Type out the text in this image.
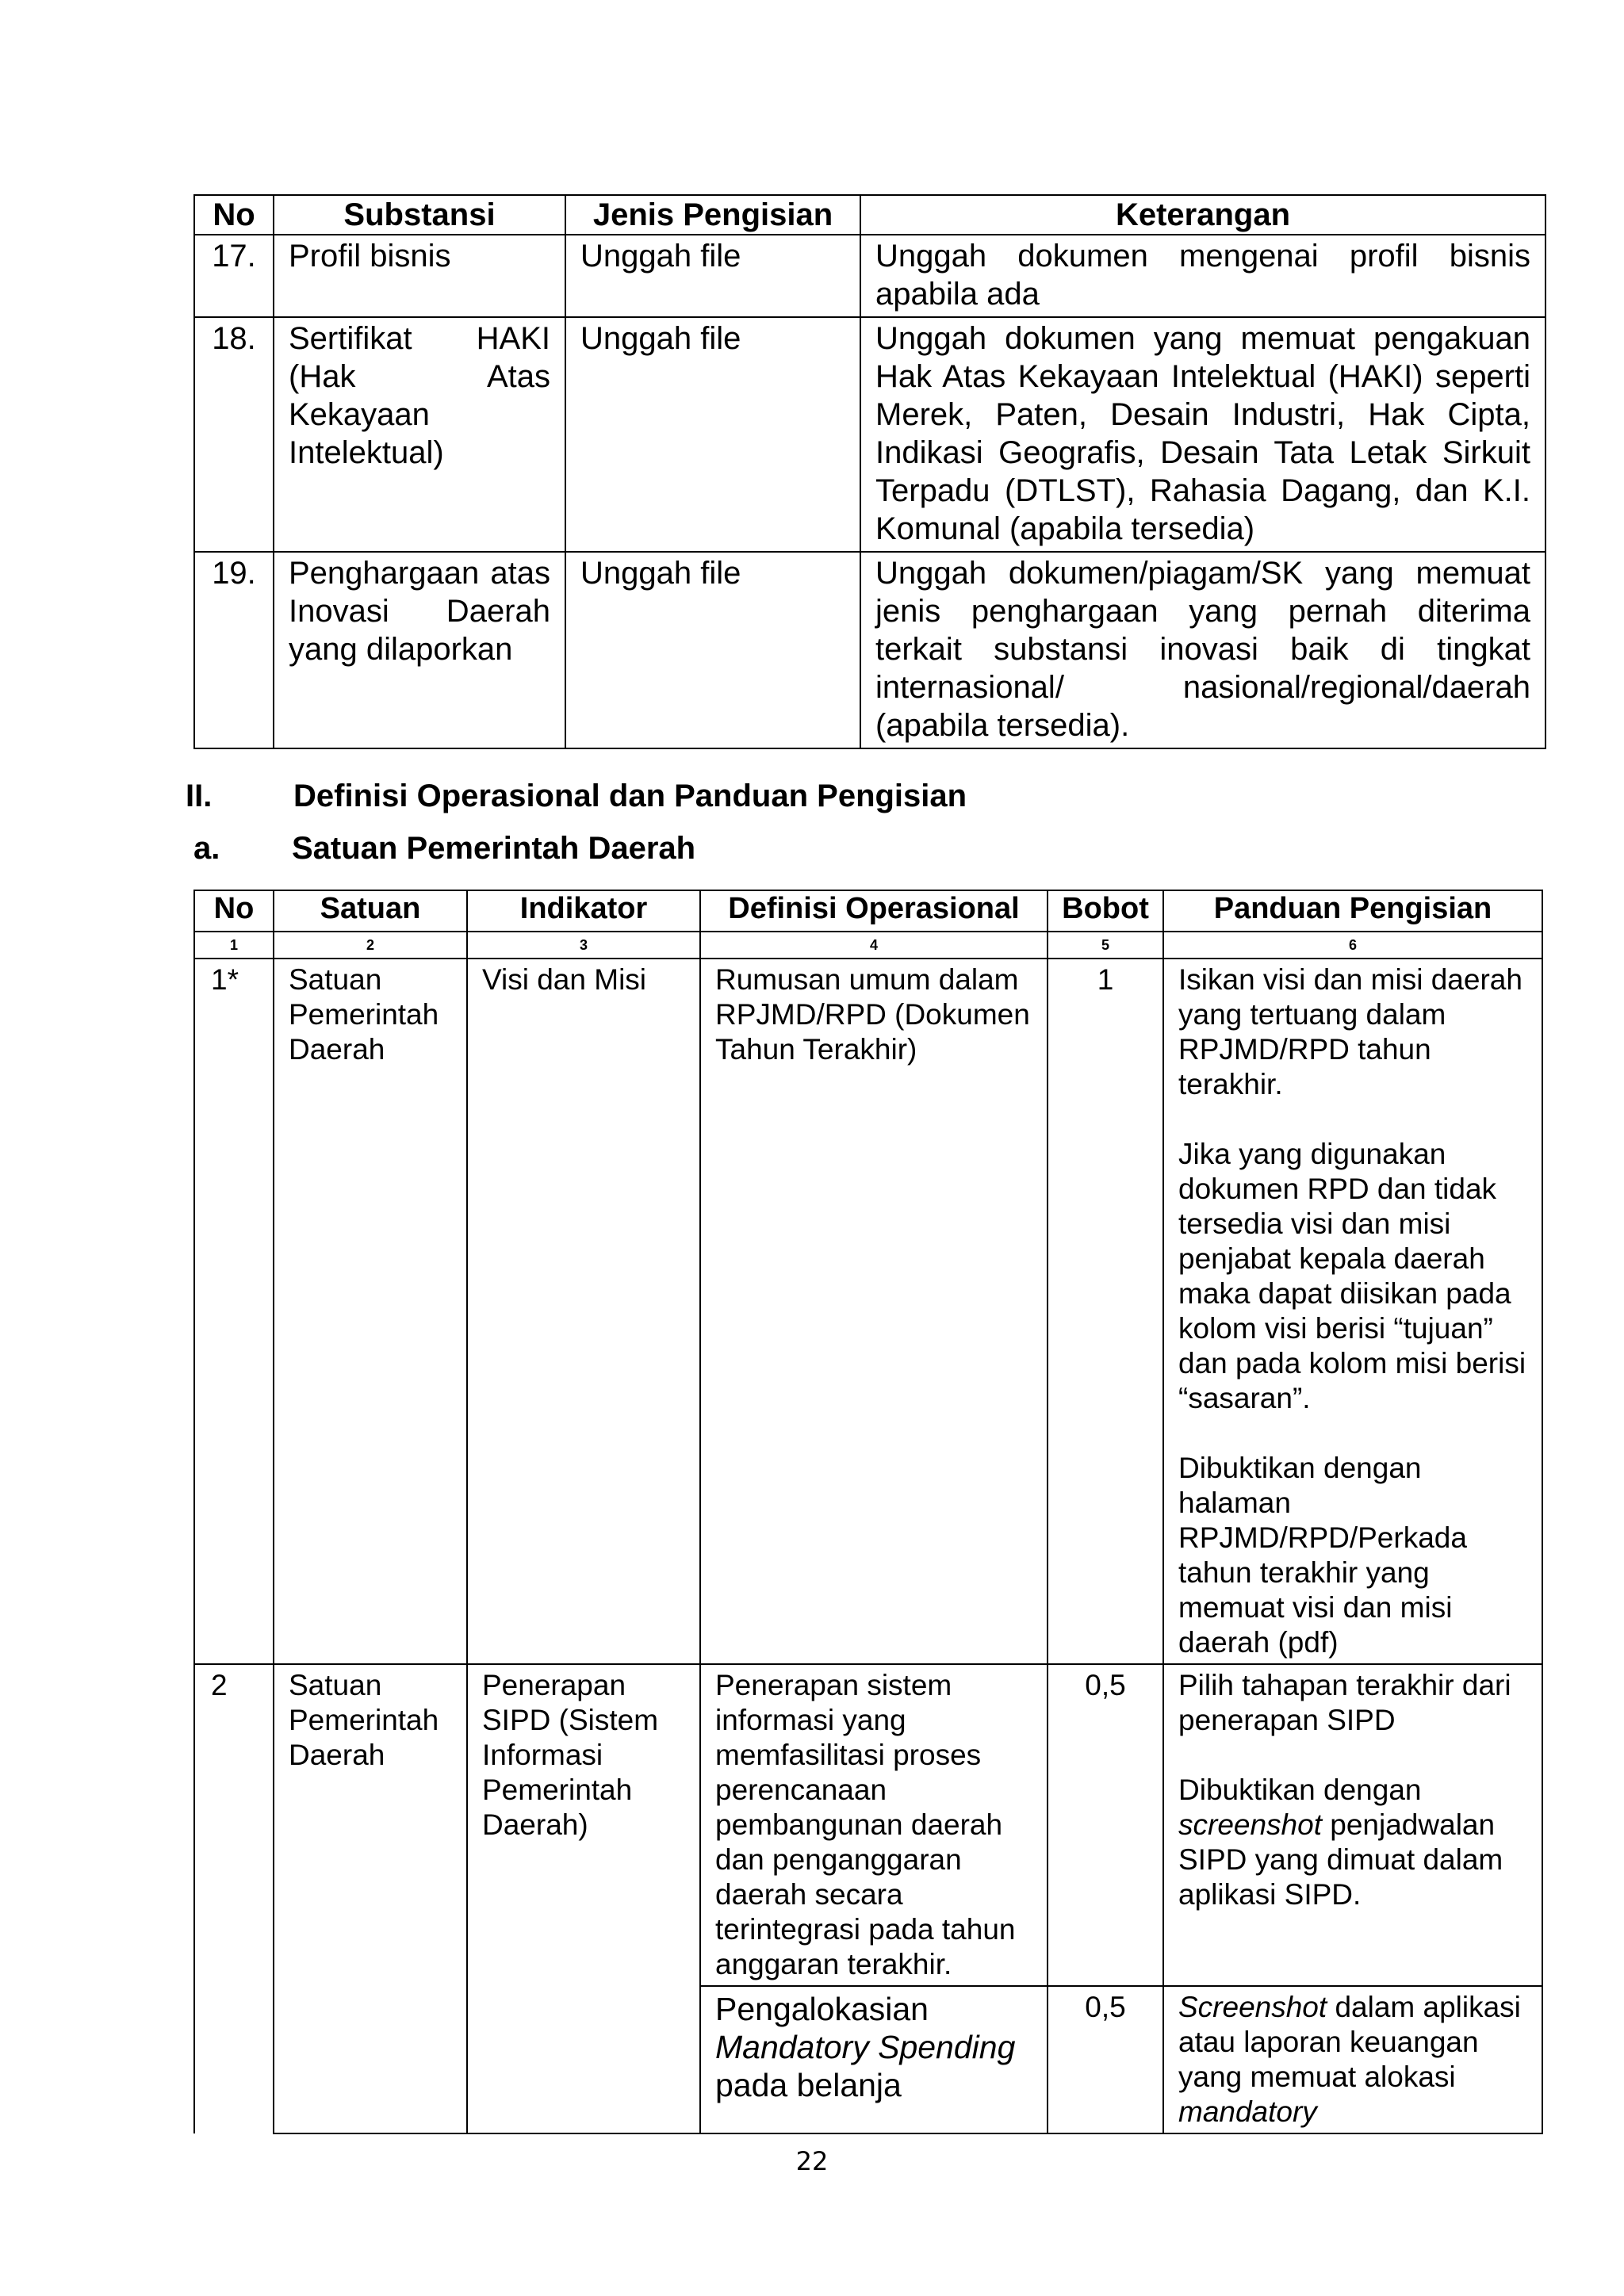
No	Substansi	Jenis Pengisian	Keterangan
17.	Profil bisnis	Unggah file	Unggah dokumen mengenai profil bisnis apabila ada
18.	Sertifikat HAKI (Hak Atas Kekayaan Intelektual)	Unggah file	Unggah dokumen yang memuat pengakuan Hak Atas Kekayaan Intelektual (HAKI) seperti Merek, Paten, Desain Industri, Hak Cipta, Indikasi Geografis, Desain Tata Letak Sirkuit Terpadu (DTLST), Rahasia Dagang, dan K.I. Komunal (apabila tersedia)
19.	Penghargaan atas Inovasi Daerah yang dilaporkan	Unggah file	Unggah dokumen/piagam/SK yang memuat jenis penghargaan yang pernah diterima terkait substansi inovasi baik di tingkat internasional/ nasional/regional/daerah (apabila tersedia).
II.	Definisi Operasional dan Panduan Pengisian
a. Satuan Pemerintah Daerah
No	Satuan	Indikator	Definisi Operasional	Bobot	Panduan Pengisian
1	2	3	4	5	6
1*	Satuan Pemerintah Daerah	Visi dan Misi	Rumusan umum dalam RPJMD/RPD (Dokumen Tahun Terakhir)	1	Isikan visi dan misi daerah yang tertuang dalam RPJMD/RPD tahun terakhir.

Jika yang digunakan dokumen RPD dan tidak tersedia visi dan misi penjabat kepala daerah maka dapat diisikan pada kolom visi berisi “tujuan” dan pada kolom misi berisi “sasaran”.

Dibuktikan dengan halaman RPJMD/RPD/Perkada tahun terakhir yang memuat visi dan misi daerah (pdf)

2	Satuan Pemerintah Daerah	Penerapan SIPD (Sistem Informasi Pemerintah Daerah)	Penerapan sistem informasi yang memfasilitasi proses perencanaan pembangunan daerah dan penganggaran daerah secara terintegrasi pada tahun anggaran terakhir.	0,5	Pilih tahapan terakhir dari penerapan SIPD

Dibuktikan dengan screenshot penjadwalan SIPD yang dimuat dalam aplikasi SIPD.

			Pengalokasian Mandatory Spending pada belanja	0,5	Screenshot dalam aplikasi atau laporan keuangan yang memuat alokasi mandatory
22
